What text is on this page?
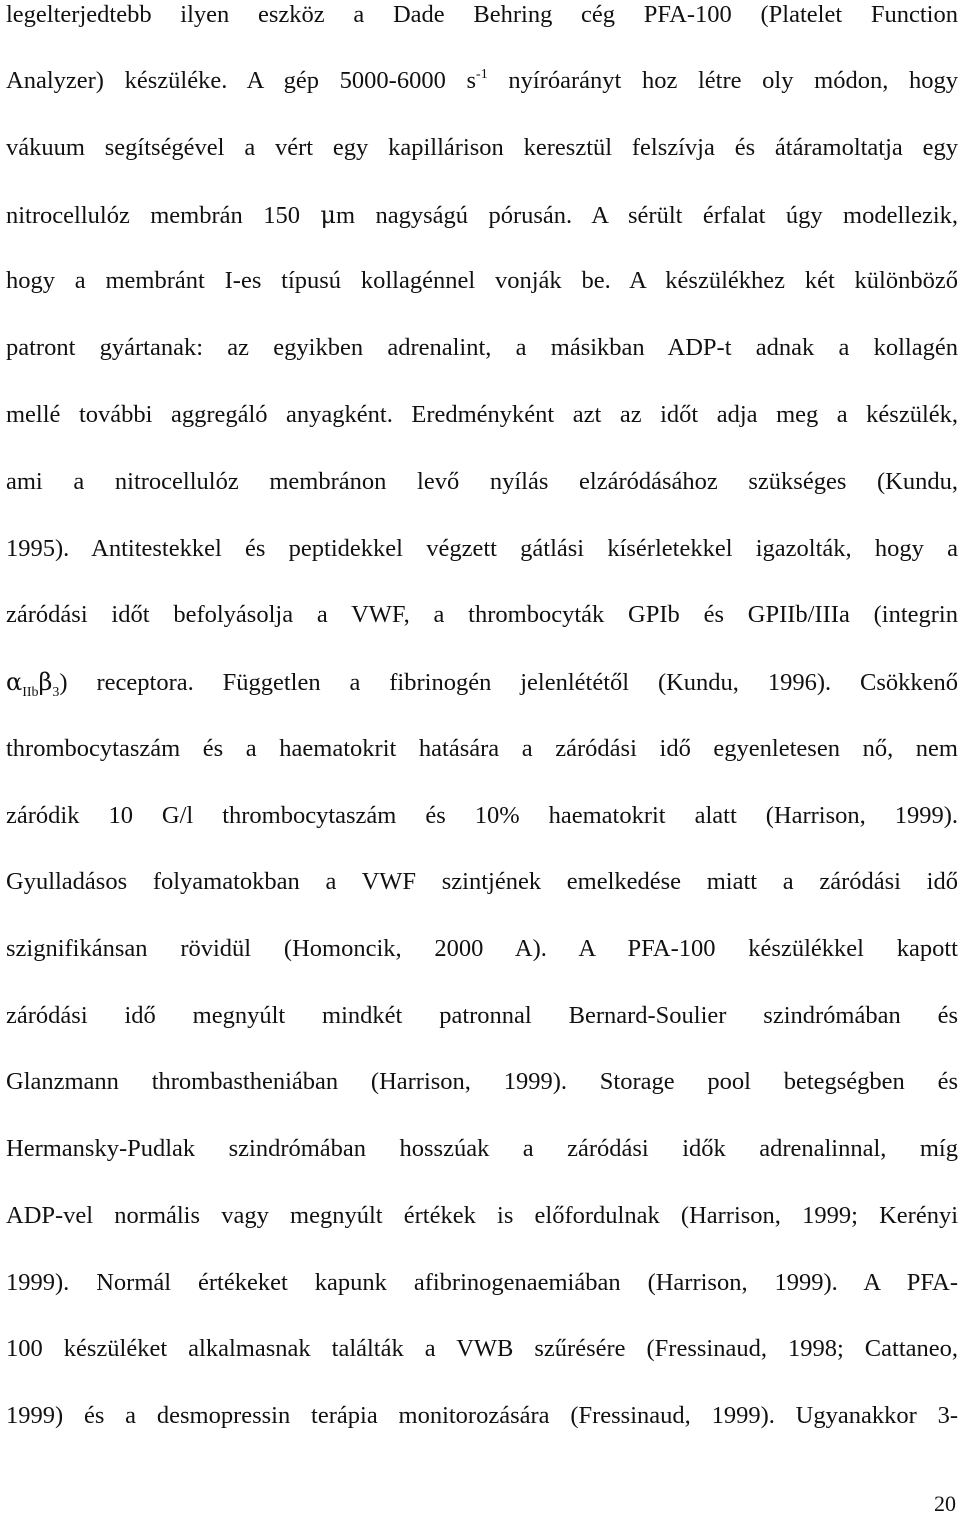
legelterjedtebb ilyen eszköz a Dade Behring cég PFA-100 (Platelet Function
Analyzer) készüléke. A gép 5000-6000 $s^{-1}$ nyíróarányt hoz létre oly módon, hogy
vákuum segítségével a vért egy kapillárison keresztül felszívja és átáramoltatja egy
nitrocellulóz membrán 150 μm nagyságú pórusán. A sérült érfalat úgy modellezik,
hogy a membránt I-es típusú kollagénnel vonják be. A készülékhez két különböző
patront gyártanak: az egyikben adrenalint, a másikban ADP-t adnak a kollagén
mellé további aggregáló anyagként. Eredményként azt az időt adja meg a készülék,
ami a nitrocellulóz membránon levő nyílás elzáródásához szükséges (Kundu,
1995). Antitestekkel és peptidekkel végzett gátlási kísérletekkel igazolták, hogy a
záródási időt befolyásolja a VWF, a thrombocyták GPIb és GPIIb/IIIa (integrin
$\alpha_{IIb}\beta_3$) receptora. Független a fibrinogén jelenlététől (Kundu, 1996). Csökkenő
thrombocytaszám és a haematokrit hatására a záródási idő egyenletesen nő, nem
záródik 10 G/l thrombocytaszám és 10% haematokrit alatt (Harrison, 1999).
Gyulladásos folyamatokban a VWF szintjének emelkedése miatt a záródási idő
szignifikánsan rövidül (Homoncik, 2000 A). A PFA-100 készülékkel kapott
záródási idő megnyúlt mindkét patronnal Bernard-Soulier szindrómában és
Glanzmann thrombastheniában (Harrison, 1999). Storage pool betegségben és
Hermansky-Pudlak szindrómában hosszúak a záródási idők adrenalinnal, míg
ADP-vel normális vagy megnyúlt értékek is előfordulnak (Harrison, 1999; Kerényi
1999). Normál értékeket kapunk afibrinogenaemiában (Harrison, 1999). A PFA-
100 készüléket alkalmasnak találták a VWB szűrésére (Fressinaud, 1998; Cattaneo,
1999) és a desmopressin terápia monitorozására (Fressinaud, 1999). Ugyanakkor 3-
20
